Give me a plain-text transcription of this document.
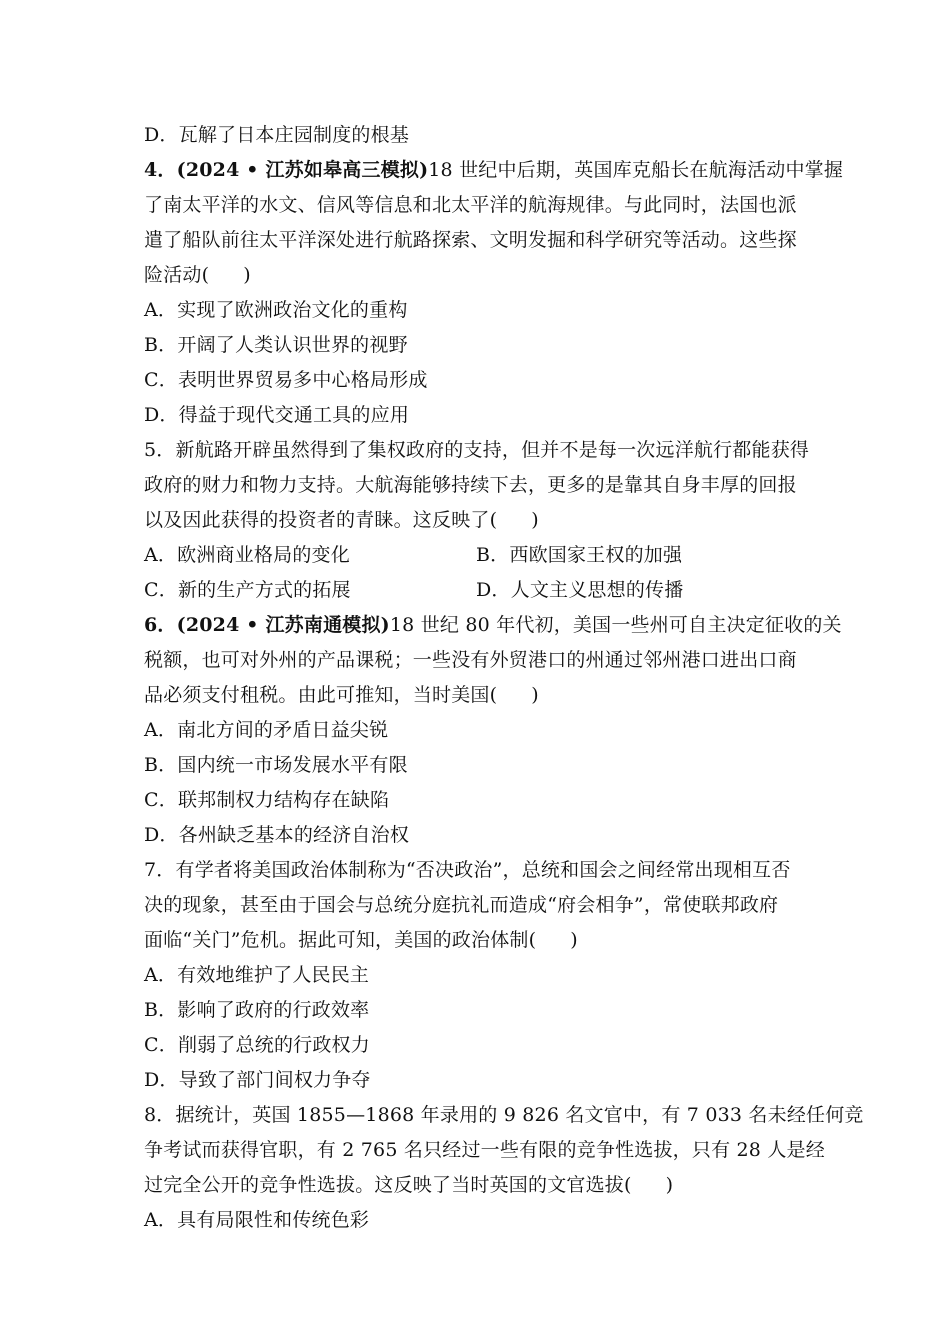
D．瓦解了日本庄园制度的根基
4．(2024 • 江苏如皋高三模拟)18 世纪中后期，英国库克船长在航海活动中掌握
了南太平洋的水文、信风等信息和北太平洋的航海规律。与此同时，法国也派
遣了船队前往太平洋深处进行航路探索、文明发掘和科学研究等活动。这些探
险活动( )
A．实现了欧洲政治文化的重构
B．开阔了人类认识世界的视野
C．表明世界贸易多中心格局形成
D．得益于现代交通工具的应用
5．新航路开辟虽然得到了集权政府的支持，但并不是每一次远洋航行都能获得
政府的财力和物力支持。大航海能够持续下去，更多的是靠其自身丰厚的回报
以及因此获得的投资者的青睐。这反映了( )
A．欧洲商业格局的变化	B．西欧国家王权的加强
C．新的生产方式的拓展	D．人文主义思想的传播
6．(2024 • 江苏南通模拟)18 世纪 80 年代初，美国一些州可自主决定征收的关
税额，也可对外州的产品课税；一些没有外贸港口的州通过邻州港口进出口商
品必须支付租税。由此可推知，当时美国( )
A．南北方间的矛盾日益尖锐
B．国内统一市场发展水平有限
C．联邦制权力结构存在缺陷
D．各州缺乏基本的经济自治权
7．有学者将美国政治体制称为“否决政治”，总统和国会之间经常出现相互否
决的现象，甚至由于国会与总统分庭抗礼而造成“府会相争”，常使联邦政府
面临“关门”危机。据此可知，美国的政治体制( )
A．有效地维护了人民民主
B．影响了政府的行政效率
C．削弱了总统的行政权力
D．导致了部门间权力争夺
8．据统计，英国 1855—1868 年录用的 9 826 名文官中，有 7 033 名未经任何竞
争考试而获得官职，有 2 765 名只经过一些有限的竞争性选拔，只有 28 人是经
过完全公开的竞争性选拔。这反映了当时英国的文官选拔( )
A．具有局限性和传统色彩
